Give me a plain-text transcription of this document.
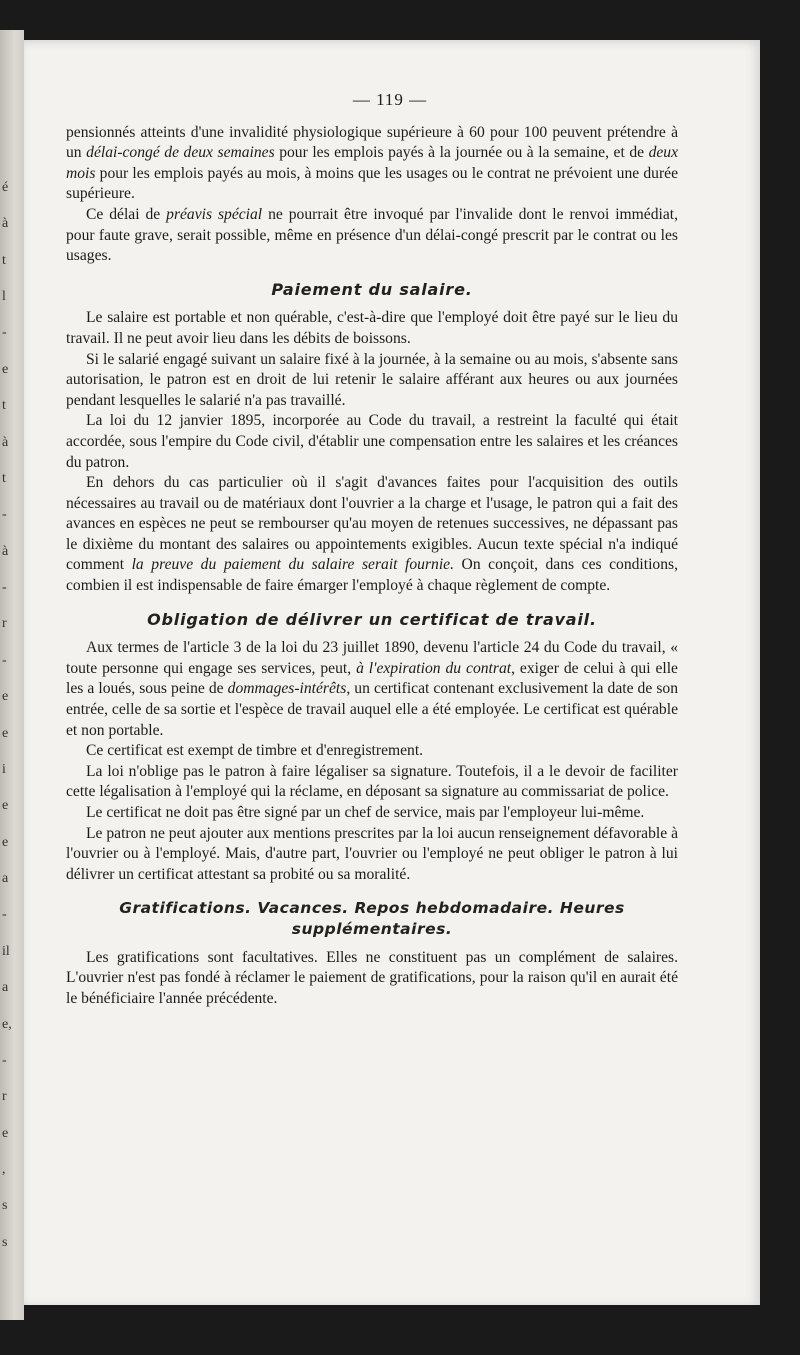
é
à
t
l
-
e
t
à
t
-
à
-
r
-
e
e
i
e
e
a
-
il
a
e,
-
r
e
,
s
s
— 119 —

pensionnés atteints d'une invalidité physiologique supérieure à 60 pour 100 peuvent prétendre à un délai-congé de deux semaines pour les emplois payés à la journée ou à la semaine, et de deux mois pour les emplois payés au mois, à moins que les usages ou le contrat ne prévoient une durée supérieure.

Ce délai de préavis spécial ne pourrait être invoqué par l'invalide dont le renvoi immédiat, pour faute grave, serait possible, même en présence d'un délai-congé prescrit par le contrat ou les usages.

Paiement du salaire.

Le salaire est portable et non quérable, c'est-à-dire que l'employé doit être payé sur le lieu du travail. Il ne peut avoir lieu dans les débits de boissons.

Si le salarié engagé suivant un salaire fixé à la journée, à la semaine ou au mois, s'absente sans autorisation, le patron est en droit de lui retenir le salaire afférant aux heures ou aux journées pendant lesquelles le salarié n'a pas travaillé.

La loi du 12 janvier 1895, incorporée au Code du travail, a restreint la faculté qui était accordée, sous l'empire du Code civil, d'établir une compensation entre les salaires et les créances du patron.

En dehors du cas particulier où il s'agit d'avances faites pour l'acquisition des outils nécessaires au travail ou de matériaux dont l'ouvrier a la charge et l'usage, le patron qui a fait des avances en espèces ne peut se rembourser qu'au moyen de retenues successives, ne dépassant pas le dixième du montant des salaires ou appointements exigibles. Aucun texte spécial n'a indiqué comment la preuve du paiement du salaire serait fournie. On conçoit, dans ces conditions, combien il est indispensable de faire émarger l'employé à chaque règlement de compte.

Obligation de délivrer un certificat de travail.

Aux termes de l'article 3 de la loi du 23 juillet 1890, devenu l'article 24 du Code du travail, « toute personne qui engage ses services, peut, à l'expiration du contrat, exiger de celui à qui elle les a loués, sous peine de dommages-intérêts, un certificat contenant exclusivement la date de son entrée, celle de sa sortie et l'espèce de travail auquel elle a été employée. Le certificat est quérable et non portable.

Ce certificat est exempt de timbre et d'enregistrement.

La loi n'oblige pas le patron à faire légaliser sa signature. Toutefois, il a le devoir de faciliter cette légalisation à l'employé qui la réclame, en déposant sa signature au commissariat de police.

Le certificat ne doit pas être signé par un chef de service, mais par l'employeur lui-même.

Le patron ne peut ajouter aux mentions prescrites par la loi aucun renseignement défavorable à l'ouvrier ou à l'employé. Mais, d'autre part, l'ouvrier ou l'employé ne peut obliger le patron à lui délivrer un certificat attestant sa probité ou sa moralité.

Gratifications. Vacances. Repos hebdomadaire. Heures supplémentaires.

Les gratifications sont facultatives. Elles ne constituent pas un complément de salaires. L'ouvrier n'est pas fondé à réclamer le paiement de gratifications, pour la raison qu'il en aurait été le bénéficiaire l'année précédente.
